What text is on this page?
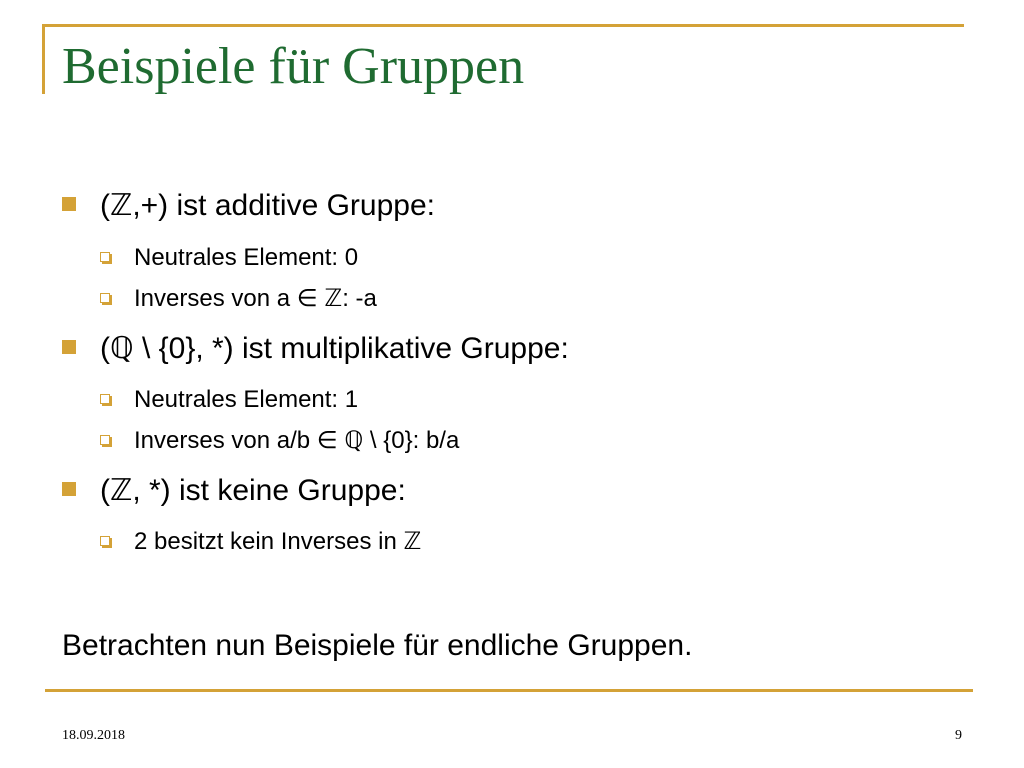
Beispiele für Gruppen
(ℤ,+) ist additive Gruppe:
Neutrales Element: 0
Inverses von a ∈ ℤ: -a
(ℚ \ {0}, *) ist multiplikative Gruppe:
Neutrales Element: 1
Inverses von a/b ∈ ℚ \ {0}: b/a
(ℤ, *) ist keine Gruppe:
2 besitzt kein Inverses in ℤ
Betrachten nun Beispiele für endliche Gruppen.
18.09.2018	9
